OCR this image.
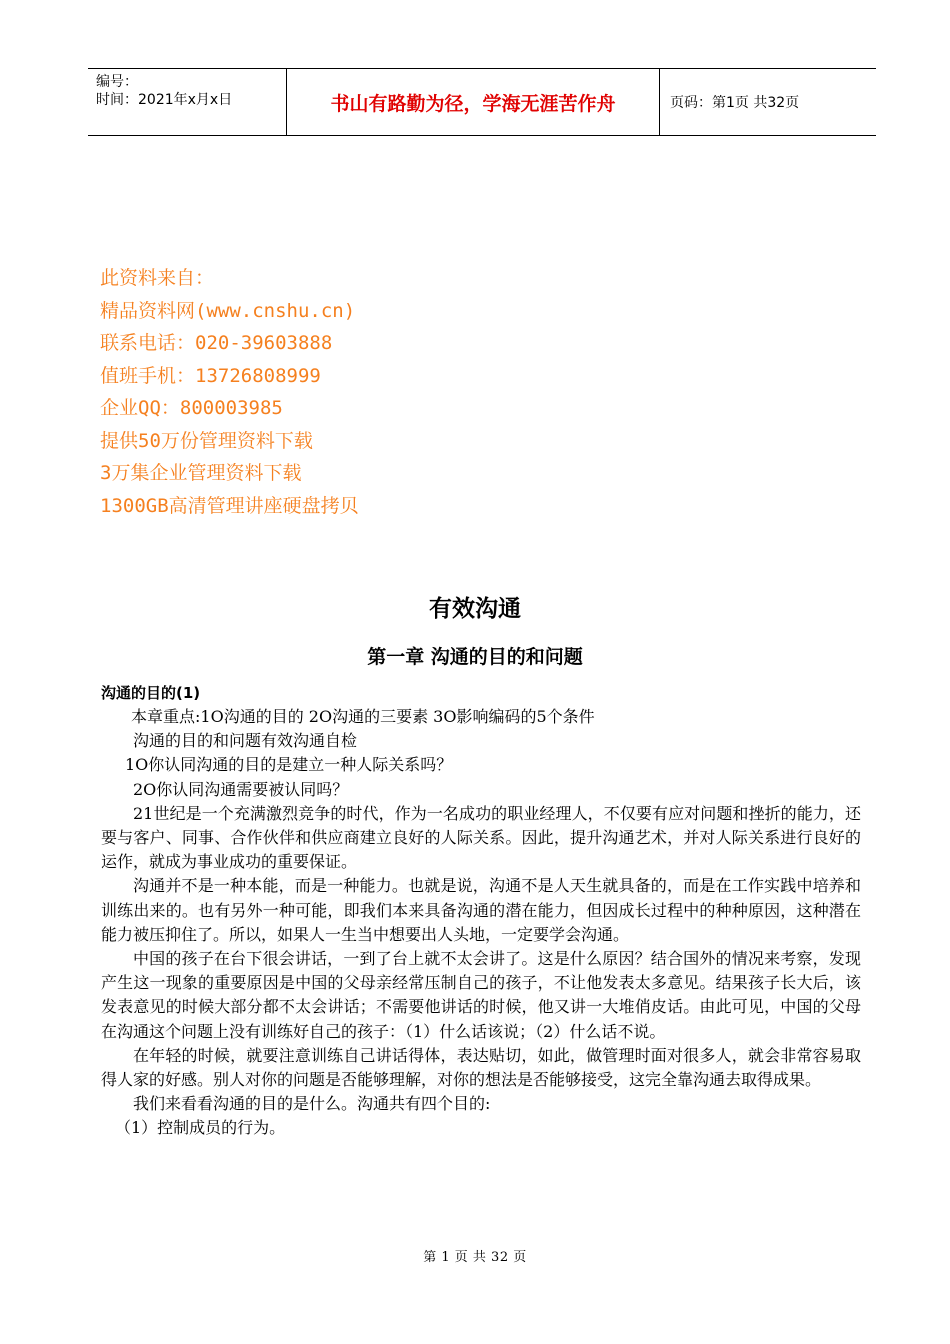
编号：
时间：2021年x月x日	书山有路勤为径，学海无涯苦作舟	页码：第1页 共32页
此资料来自：
精品资料网(www.cnshu.cn)
联系电话：020-39603888
值班手机：13726808999
企业QQ：800003985
提供50万份管理资料下载
3万集企业管理资料下载
1300GB高清管理讲座硬盘拷贝
有效沟通
第一章 沟通的目的和问题
沟通的目的(1)

本章重点:1O沟通的目的 2O沟通的三要素 3O影响编码的5个条件

沟通的目的和问题有效沟通自检

1O你认同沟通的目的是建立一种人际关系吗？

2O你认同沟通需要被认同吗？

21世纪是一个充满激烈竞争的时代，作为一名成功的职业经理人，不仅要有应对问题和挫折的能力，还要与客户、同事、合作伙伴和供应商建立良好的人际关系。因此，提升沟通艺术，并对人际关系进行良好的运作，就成为事业成功的重要保证。

沟通并不是一种本能，而是一种能力。也就是说，沟通不是人天生就具备的，而是在工作实践中培养和训练出来的。也有另外一种可能，即我们本来具备沟通的潜在能力，但因成长过程中的种种原因，这种潜在能力被压抑住了。所以，如果人一生当中想要出人头地，一定要学会沟通。

中国的孩子在台下很会讲话，一到了台上就不太会讲了。这是什么原因？结合国外的情况来考察，发现产生这一现象的重要原因是中国的父母亲经常压制自己的孩子，不让他发表太多意见。结果孩子长大后，该发表意见的时候大部分都不太会讲话；不需要他讲话的时候，他又讲一大堆俏皮话。由此可见，中国的父母在沟通这个问题上没有训练好自己的孩子：（1）什么话该说；（2）什么话不说。

在年轻的时候，就要注意训练自己讲话得体，表达贴切，如此，做管理时面对很多人，就会非常容易取得人家的好感。别人对你的问题是否能够理解，对你的想法是否能够接受，这完全靠沟通去取得成果。

我们来看看沟通的目的是什么。沟通共有四个目的:

（1）控制成员的行为。

第 1 页 共 32 页
